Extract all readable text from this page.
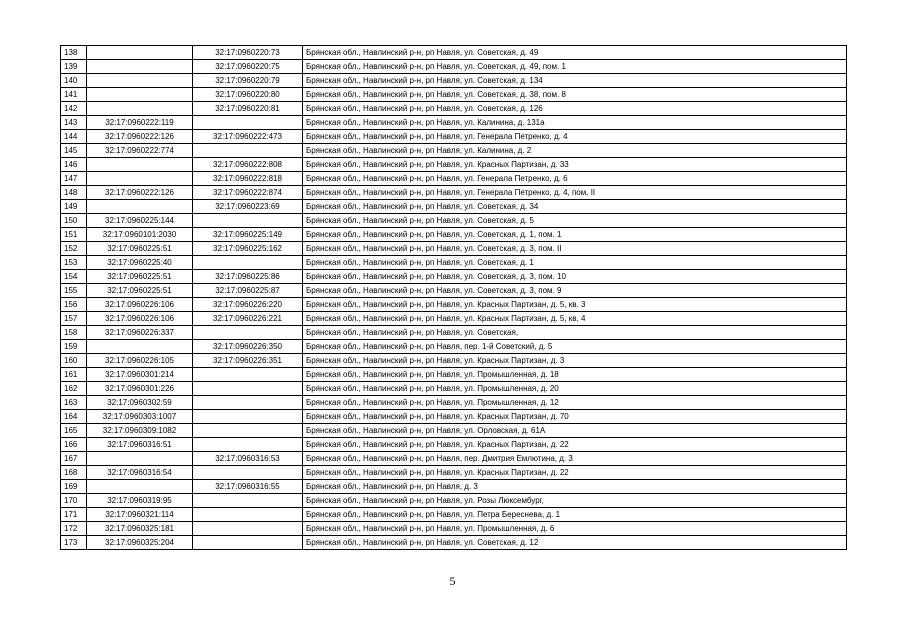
138		32:17:0960220:73	Брянская обл., Навлинский р-н, рп Навля, ул. Советская, д. 49
139		32:17:0960220:75	Брянская обл., Навлинский р-н, рп Навля, ул. Советская, д. 49, пом. 1
140		32:17:0960220:79	Брянская обл., Навлинский р-н, рп Навля, ул. Советская, д. 134
141		32:17:0960220:80	Брянская обл., Навлинский р-н, рп Навля, ул. Советская, д. 38, пом. 8
142		32:17:0960220:81	Брянская обл., Навлинский р-н, рп Навля, ул. Советская, д. 126
143	32:17:0960222:119		Брянская обл., Навлинский р-н, рп Навля, ул. Калинина, д. 131а
144	32:17:0960222:126	32:17:0960222:473	Брянская обл., Навлинский р-н, рп Навля, ул. Генерала Петренко, д. 4
145	32:17:0960222:774		Брянская обл., Навлинский р-н, рп Навля, ул. Калинина, д. 2
146		32:17:0960222:808	Брянская обл., Навлинский р-н, рп Навля, ул. Красных Партизан, д. 33
147		32:17:0960222:818	Брянская обл., Навлинский р-н, рп Навля, ул. Генерала Петренко, д. 6
148	32:17:0960222:126	32:17:0960222:874	Брянская обл., Навлинский р-н, рп Навля, ул. Генерала Петренко, д. 4, пом. II
149		32:17:0960223:69	Брянская обл., Навлинский р-н, рп Навля, ул. Советская, д. 34
150	32:17:0960225:144		Брянская обл., Навлинский р-н, рп Навля, ул. Советская, д. 5
151	32:17:0960101:2030	32:17:0960225:149	Брянская обл., Навлинский р-н, рп Навля, ул. Советская, д. 1, пом. 1
152	32:17:0960225:51	32:17:0960225:162	Брянская обл., Навлинский р-н, рп Навля, ул. Советская, д. 3, пом. II
153	32:17:0960225:40		Брянская обл., Навлинский р-н, рп Навля, ул. Советская, д. 1
154	32:17:0960225:51	32:17:0960225:86	Брянская обл., Навлинский р-н, рп Навля, ул. Советская, д. 3, пом. 10
155	32:17:0960225:51	32:17:0960225:87	Брянская обл., Навлинский р-н, рп Навля, ул. Советская, д. 3, пом. 9
156	32:17:0960226:106	32:17:0960226:220	Брянская обл., Навлинский р-н, рп Навля, ул. Красных Партизан, д. 5, кв. 3
157	32:17:0960226:106	32:17:0960226:221	Брянская обл., Навлинский р-н, рп Навля, ул. Красных Партизан, д. 5, кв. 4
158	32:17:0960226:337		Брянская обл., Навлинский р-н, рп Навля, ул. Советская,
159		32:17:0960226:350	Брянская обл., Навлинский р-н, рп Навля, пер. 1-й Советский, д. 5
160	32:17:0960226:105	32:17:0960226:351	Брянская обл., Навлинский р-н, рп Навля, ул. Красных Партизан, д. 3
161	32:17:0960301:214		Брянская обл., Навлинский р-н, рп Навля, ул. Промышленная, д. 18
162	32:17:0960301:226		Брянская обл., Навлинский р-н, рп Навля, ул. Промышленная, д. 20
163	32:17:0960302:59		Брянская обл., Навлинский р-н, рп Навля, ул. Промышленная, д. 12
164	32:17:0960303:1007		Брянская обл., Навлинский р-н, рп Навля, ул. Красных Партизан, д. 70
165	32:17:0960309:1082		Брянская обл., Навлинский р-н, рп Навля, ул. Орловская, д. 61А
166	32:17:0960316:51		Брянская обл., Навлинский р-н, рп Навля, ул. Красных Партизан, д. 22
167		32:17:0960316:53	Брянская обл., Навлинский р-н, рп Навля, пер. Дмитрия Емлютина, д. 3
168	32:17:0960316:54		Брянская обл., Навлинский р-н, рп Навля, ул. Красных Партизан, д. 22
169		32:17:0960316:55	Брянская обл., Навлинский р-н, рп Навля, д. 3
170	32:17:0960319:95		Брянская обл., Навлинский р-н, рп Навля, ул. Розы Люксембург,
171	32:17:0960321:114		Брянская обл., Навлинский р-н, рп Навля, ул. Петра Береснева, д. 1
172	32:17:0960325:181		Брянская обл., Навлинский р-н, рп Навля, ул. Промышленная, д. 6
173	32:17:0960325:204		Брянская обл., Навлинский р-н, рп Навля, ул. Советская, д. 12
5
